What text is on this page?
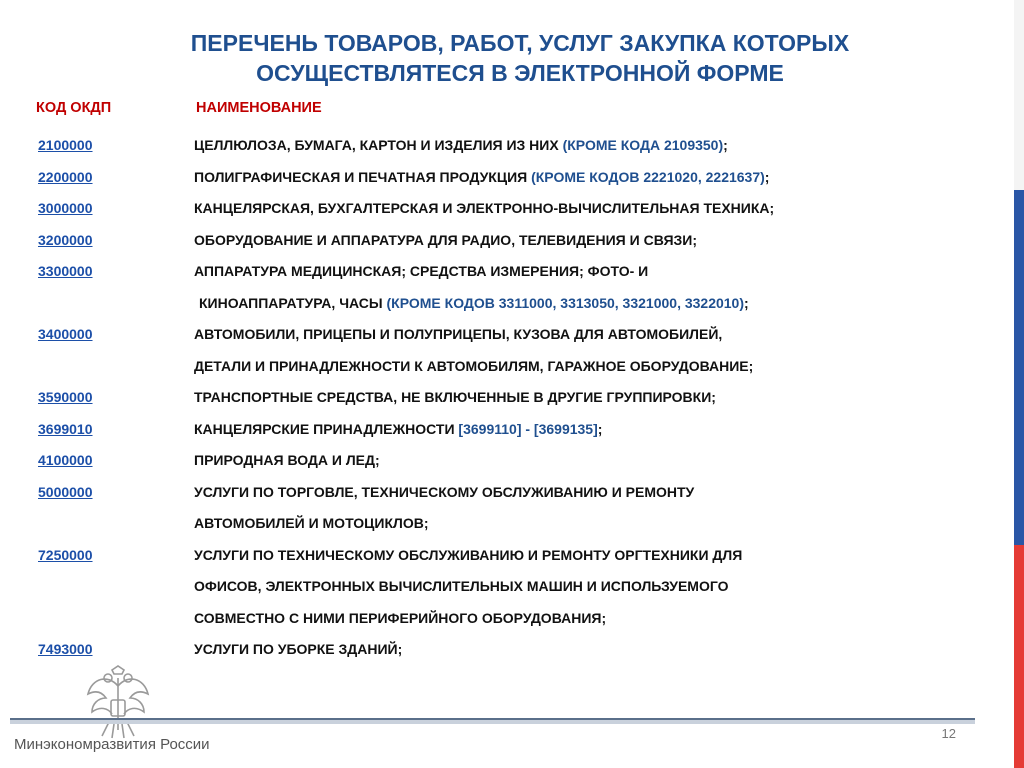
ПЕРЕЧЕНЬ ТОВАРОВ, РАБОТ, УСЛУГ ЗАКУПКА КОТОРЫХ ОСУЩЕСТВЛЯТЕСЯ В ЭЛЕКТРОННОЙ ФОРМЕ
КОД ОКДП	НАИМЕНОВАНИЕ
2100000	ЦЕЛЛЮЛОЗА, БУМАГА, КАРТОН И ИЗДЕЛИЯ ИЗ НИХ (КРОМЕ КОДА 2109350);
2200000	ПОЛИГРАФИЧЕСКАЯ И ПЕЧАТНАЯ ПРОДУКЦИЯ (КРОМЕ КОДОВ 2221020, 2221637);
3000000	КАНЦЕЛЯРСКАЯ, БУХГАЛТЕРСКАЯ И ЭЛЕКТРОННО-ВЫЧИСЛИТЕЛЬНАЯ ТЕХНИКА;
3200000	ОБОРУДОВАНИЕ И АППАРАТУРА ДЛЯ РАДИО, ТЕЛЕВИДЕНИЯ И СВЯЗИ;
3300000	АППАРАТУРА МЕДИЦИНСКАЯ; СРЕДСТВА ИЗМЕРЕНИЯ; ФОТО- И
КИНОАППАРАТУРА, ЧАСЫ (КРОМЕ КОДОВ 3311000, 3313050, 3321000, 3322010);
3400000	АВТОМОБИЛИ, ПРИЦЕПЫ И ПОЛУПРИЦЕПЫ, КУЗОВА ДЛЯ АВТОМОБИЛЕЙ,
ДЕТАЛИ И ПРИНАДЛЕЖНОСТИ К АВТОМОБИЛЯМ, ГАРАЖНОЕ ОБОРУДОВАНИЕ;
3590000	ТРАНСПОРТНЫЕ СРЕДСТВА, НЕ ВКЛЮЧЕННЫЕ В ДРУГИЕ ГРУППИРОВКИ;
3699010	КАНЦЕЛЯРСКИЕ ПРИНАДЛЕЖНОСТИ [3699110] - [3699135];
4100000	ПРИРОДНАЯ ВОДА И ЛЕД;
5000000	УСЛУГИ ПО ТОРГОВЛЕ, ТЕХНИЧЕСКОМУ ОБСЛУЖИВАНИЮ И РЕМОНТУ
АВТОМОБИЛЕЙ И МОТОЦИКЛОВ;
7250000	УСЛУГИ ПО ТЕХНИЧЕСКОМУ ОБСЛУЖИВАНИЮ И РЕМОНТУ ОРГТЕХНИКИ ДЛЯ
ОФИСОВ, ЭЛЕКТРОННЫХ ВЫЧИСЛИТЕЛЬНЫХ МАШИН И ИСПОЛЬЗУЕМОГО
СОВМЕСТНО С НИМИ ПЕРИФЕРИЙНОГО ОБОРУДОВАНИЯ;
7493000	УСЛУГИ ПО УБОРКЕ ЗДАНИЙ;
Минэкономразвития России
12
